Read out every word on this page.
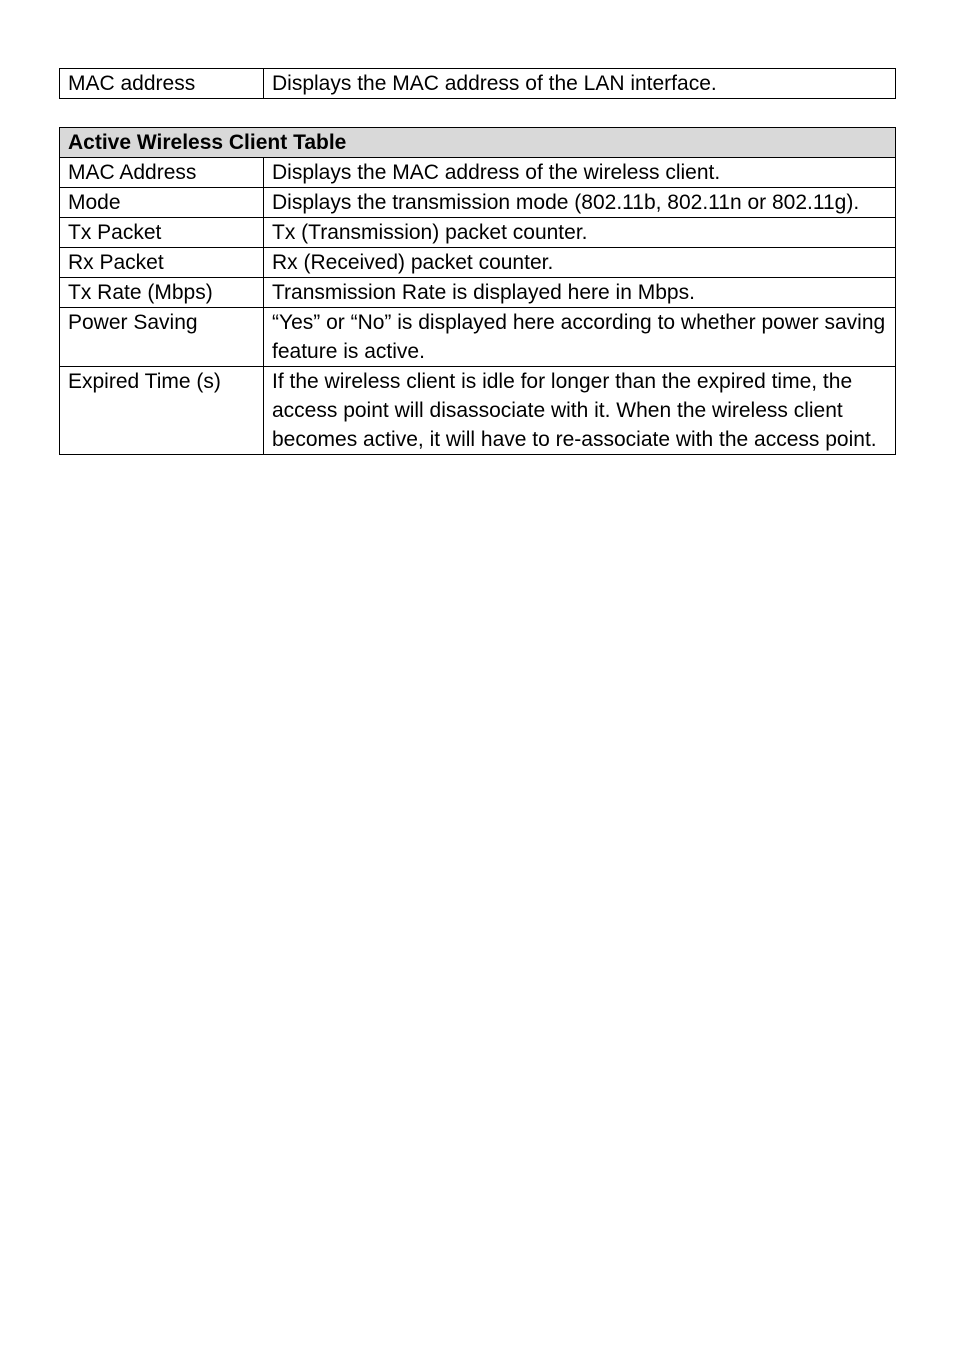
MAC address	Displays the MAC address of the LAN interface.
Active Wireless Client Table	
MAC Address	Displays the MAC address of the wireless client.
Mode	Displays the transmission mode (802.11b, 802.11n or 802.11g).
Tx Packet	Tx (Transmission) packet counter.
Rx Packet	Rx (Received) packet counter.
Tx Rate (Mbps)	Transmission Rate is displayed here in Mbps.
Power Saving	“Yes” or “No” is displayed here according to whether power saving feature is active.
Expired Time (s)	If the wireless client is idle for longer than the expired time, the access point will disassociate with it. When the wireless client becomes active, it will have to re-associate with the access point.
